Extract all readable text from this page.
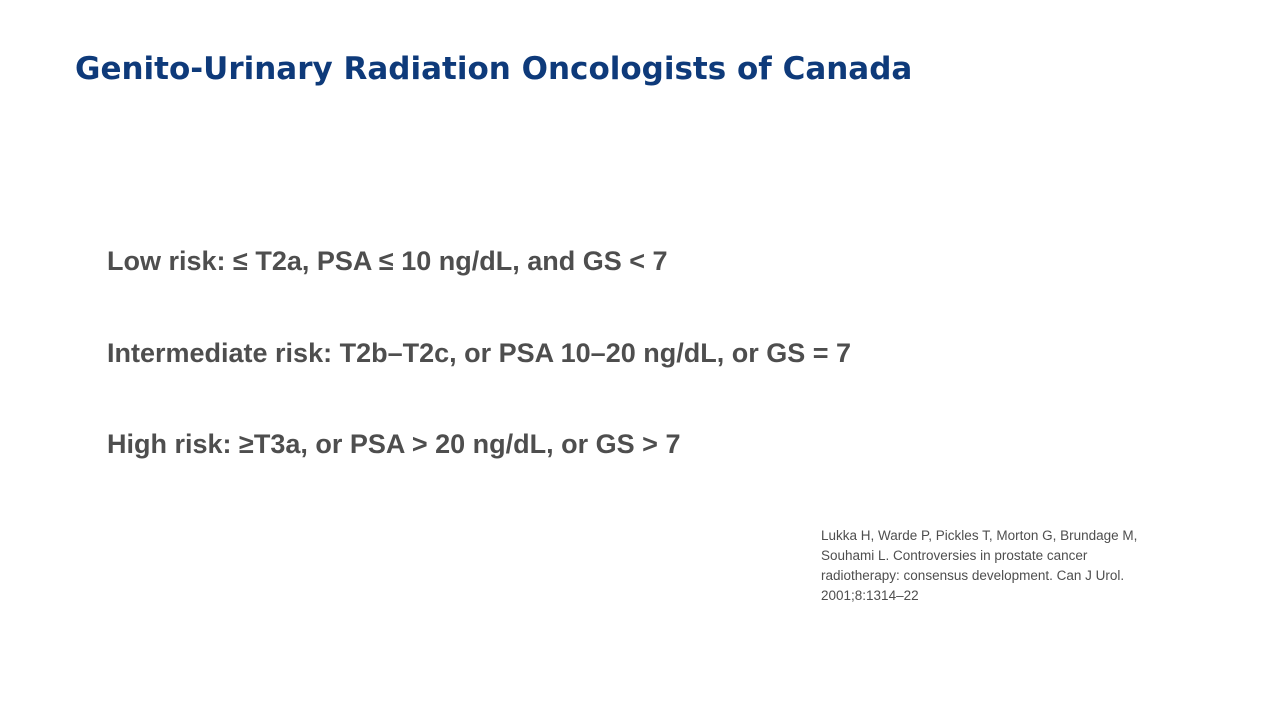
Genito-Urinary Radiation Oncologists of Canada

Low risk: ≤ T2a, PSA ≤ 10 ng/dL, and GS < 7

Intermediate risk: T2b–T2c, or PSA 10–20 ng/dL, or GS = 7

High risk: ≥T3a, or PSA > 20 ng/dL, or GS > 7

Lukka H, Warde P, Pickles T, Morton G, Brundage M,
Souhami L. Controversies in prostate cancer
radiotherapy: consensus development. Can J Urol.
2001;8:1314–22
